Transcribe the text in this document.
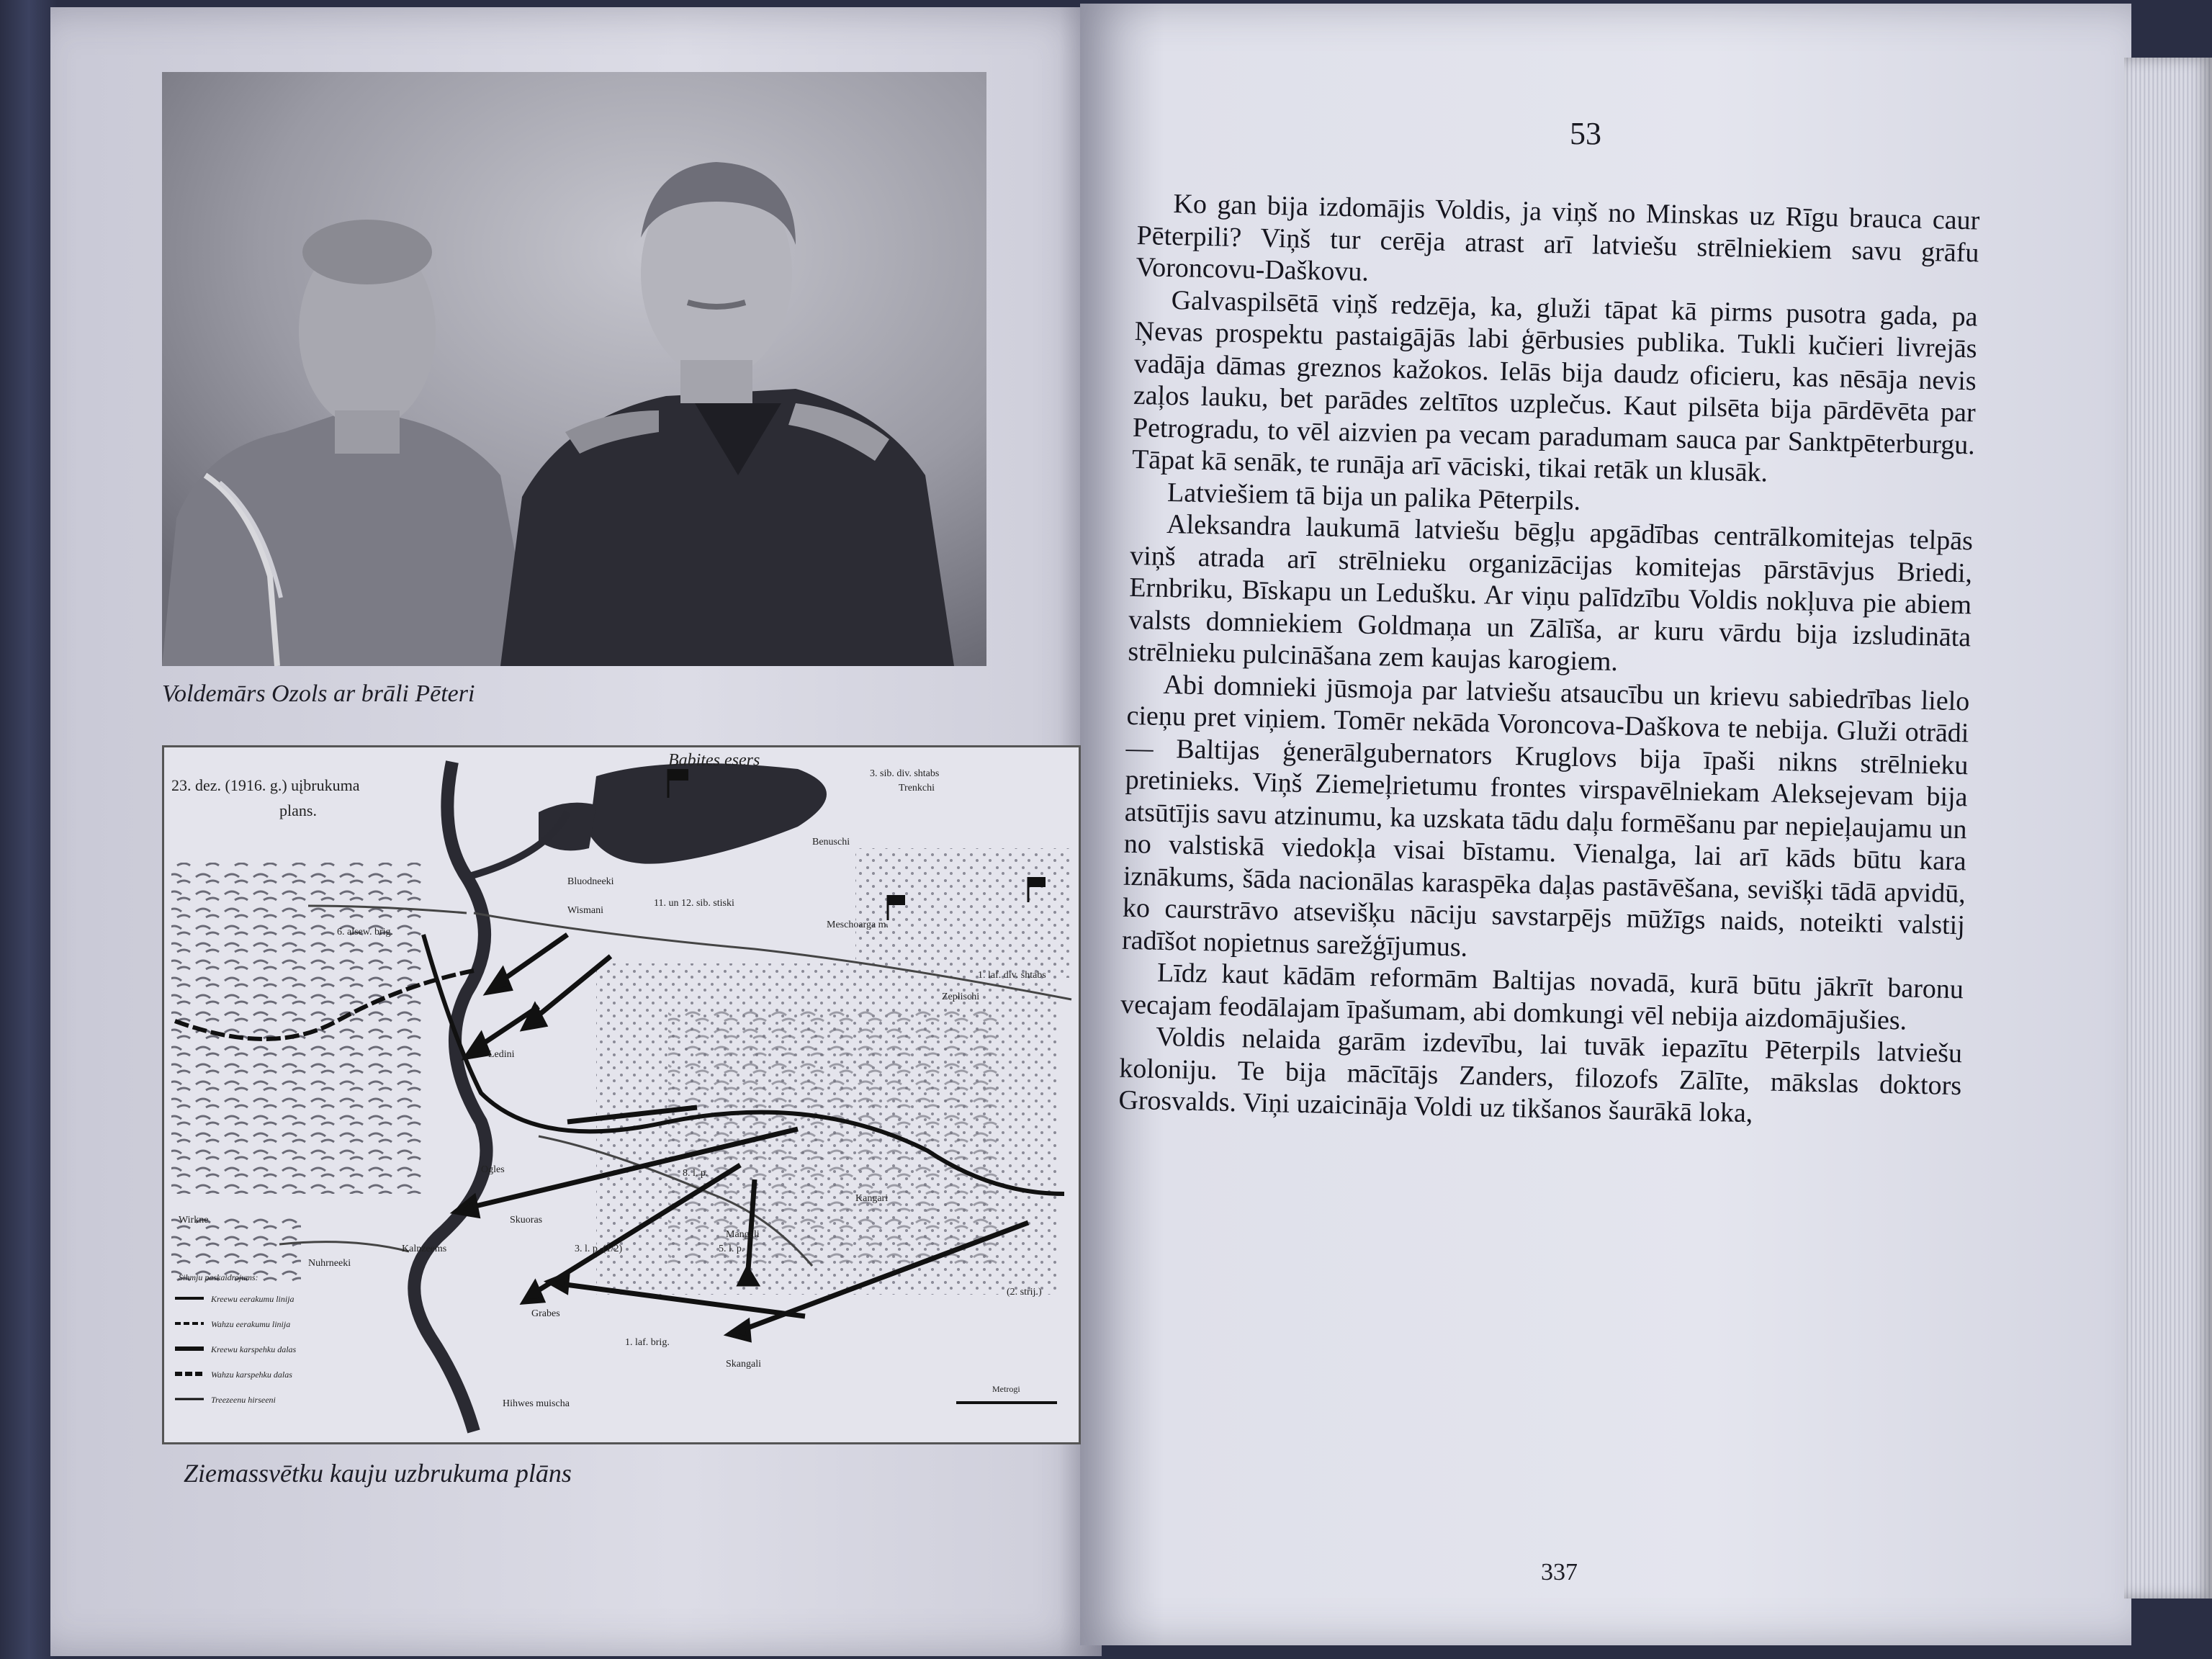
Voldemārs Ozols ar brāli Pēteri
23. dez. (1916. g.) uįbrukuma
plans.
Babites esers
Wismani
6. alsew. brig.
11. un 12. sib. stiski
Bluodneeki
Benuschi
Trenkchi
3. sib. div. shtabs
Meschoarga m.
1. laf. div. shtabs
Zeplischi
Ledini
Kalnzeems
Ogles
Skuoras
3. l. p. (1/2)
8. l. p.
5. l. p.
Mangali
Grabes
1. laf. brig.
Skangali
Hihwes muischa
Wirkne
Nuhrneeki
(2. strij.)
Kangari
Sihmju paskaidrojums:
Kreewu eerakumu linija
Wahzu eerakumu linija
Kreewu karspehku dalas
Wahzu karspehku dalas
Treezeenu hirseeni
Metrogi
Ziemassvētku kauju uzbrukuma plāns
53

Ko gan bija izdomājis Voldis, ja viņš no Minskas uz Rīgu brauca caur Pēterpili? Viņš tur cerēja atrast arī latviešu strēlniekiem savu grāfu Voroncovu-Daškovu.

Galvaspilsētā viņš redzēja, ka, gluži tāpat kā pirms pusotra gada, pa Ņevas prospektu pastaigājās labi ģērbusies publika. Tukli kučieri livrejās vadāja dāmas greznos kažokos. Ielās bija daudz oficieru, kas nēsāja nevis zaļos lauku, bet parādes zeltītos uzplečus. Kaut pilsēta bija pārdēvēta par Petrogradu, to vēl aizvien pa vecam paradumam sauca par Sanktpēterburgu. Tāpat kā senāk, te runāja arī vāciski, tikai retāk un klusāk.

Latviešiem tā bija un palika Pēterpils.

Aleksandra laukumā latviešu bēgļu apgādības centrālkomitejas telpās viņš atrada arī strēlnieku organizācijas komitejas pārstāvjus Briedi, Ernbriku, Bīskapu un Ledušku. Ar viņu palīdzību Voldis nokļuva pie abiem valsts domniekiem Goldmaņa un Zālīša, ar kuru vārdu bija izsludināta strēlnieku pulcināšana zem kaujas karogiem.

Abi domnieki jūsmoja par latviešu atsaucību un krievu sabiedrības lielo cieņu pret viņiem. Tomēr nekāda Voroncova-Daškova te nebija. Gluži otrādi — Baltijas ģenerālgubernators Kruglovs bija īpaši nikns strēlnieku pretinieks. Viņš Ziemeļrietumu frontes virspavēlniekam Aleksejevam bija atsūtījis savu atzinumu, ka uzskata tādu daļu formēšanu par nepieļaujamu un no valstiskā viedokļa visai bīstamu. Vienalga, lai arī kāds būtu kara iznākums, šāda nacionālas karaspēka daļas pastāvēšana, sevišķi tādā apvidū, ko caurstrāvo atsevišķu nāciju savstarpējs mūžīgs naids, noteikti valstij radīšot nopietnus sarežģījumus.

Līdz kaut kādām reformām Baltijas novadā, kurā būtu jākrīt baronu vecajam feodālajam īpašumam, abi domkungi vēl nebija aizdomājušies.

Voldis nelaida garām izdevību, lai tuvāk iepazītu Pēterpils latviešu koloniju. Te bija mācītājs Zanders, filozofs Zālīte, mākslas doktors Grosvalds. Viņi uzaicināja Voldi uz tikšanos šaurākā loka,

337
